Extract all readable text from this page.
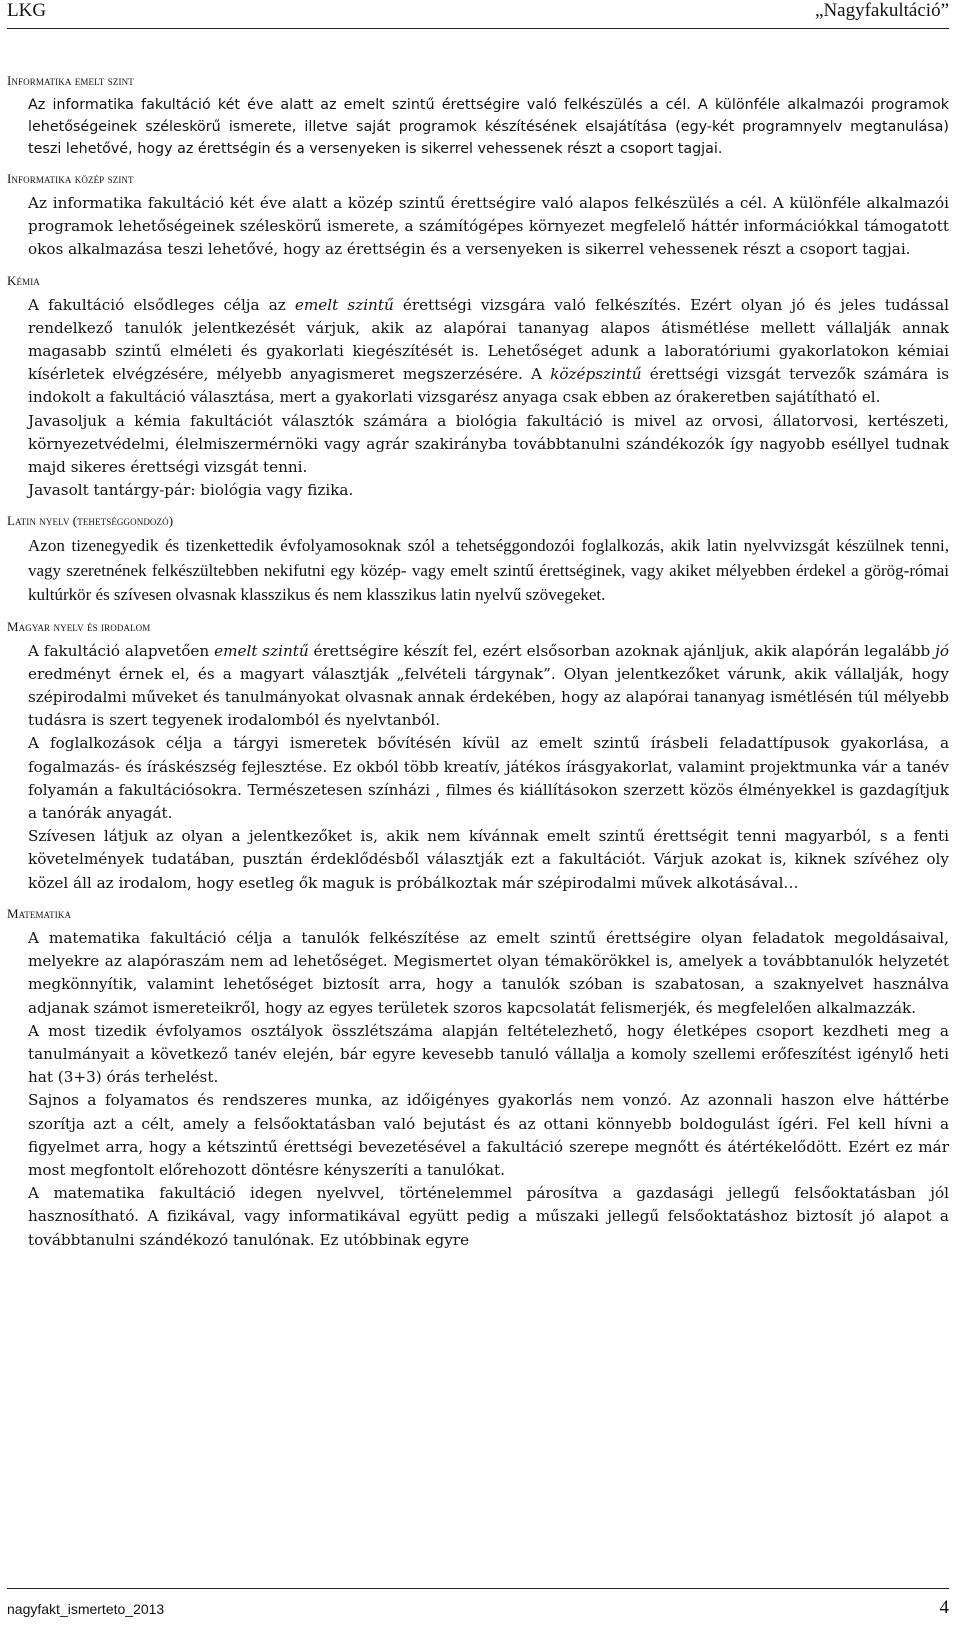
LKG	„Nagyfakultáció”
Informatika emelt szint

Az informatika fakultáció két éve alatt az emelt szintű érettségire való felkészülés a cél. A különféle alkalmazói programok lehetőségeinek széleskörű ismerete, illetve saját programok készítésének elsajátítása (egy-két programnyelv megtanulása) teszi lehetővé, hogy az érettségin és a versenyeken is sikerrel vehessenek részt a csoport tagjai.

Informatika közép szint

Az informatika fakultáció két éve alatt a közép szintű érettségire való alapos felkészülés a cél. A különféle alkalmazói programok lehetőségeinek széleskörű ismerete, a számítógépes környezet megfelelő háttér információkkal támogatott okos alkalmazása teszi lehetővé, hogy az érettségin és a versenyeken is sikerrel vehessenek részt a csoport tagjai.

Kémia

A fakultáció elsődleges célja az emelt szintű érettségi vizsgára való felkészítés. Ezért olyan jó és jeles tudással rendelkező tanulók jelentkezését várjuk, akik az alapórai tananyag alapos átismétlése mellett vállalják annak magasabb szintű elméleti és gyakorlati kiegészítését is. Lehetőséget adunk a laboratóriumi gyakorlatokon kémiai kísérletek elvégzésére, mélyebb anyagismeret megszerzésére. A középszintű érettségi vizsgát tervezők számára is indokolt a fakultáció választása, mert a gyakorlati vizsgarész anyaga csak ebben az órakeretben sajátítható el.

Javasoljuk a kémia fakultációt választók számára a biológia fakultáció is mivel az orvosi, állatorvosi, kertészeti, környezetvédelmi, élelmiszermérnöki vagy agrár szakirányba továbbtanulni szándékozók így nagyobb eséllyel tudnak majd sikeres érettségi vizsgát tenni.

Javasolt tantárgy-pár: biológia vagy fizika.

Latin nyelv (tehetséggondozó)

Azon tizenegyedik és tizenkettedik évfolyamosoknak szól a tehetséggondozói foglalkozás, akik latin nyelvvizsgát készülnek tenni, vagy szeretnének felkészültebben nekifutni egy közép- vagy emelt szintű érettséginek, vagy akiket mélyebben érdekel a görög-római kultúrkör és szívesen olvasnak klasszikus és nem klasszikus latin nyelvű szövegeket.

Magyar nyelv és irodalom

A fakultáció alapvetően emelt szintű érettségire készít fel, ezért elsősorban azoknak ajánljuk, akik alapórán legalább jó eredményt érnek el, és a magyart választják „felvételi tárgynak”. Olyan jelentkezőket várunk, akik vállalják, hogy szépirodalmi műveket és tanulmányokat olvasnak annak érdekében, hogy az alapórai tananyag ismétlésén túl mélyebb tudásra is szert tegyenek irodalomból és nyelvtanból.

A foglalkozások célja a tárgyi ismeretek bővítésén kívül az emelt szintű írásbeli feladattípusok gyakorlása, a fogalmazás- és íráskészség fejlesztése. Ez okból több kreatív, játékos írásgyakorlat, valamint projektmunka vár a tanév folyamán a fakultációsokra. Természetesen színházi , filmes és kiállításokon szerzett közös élményekkel is gazdagítjuk a tanórák anyagát.

Szívesen látjuk az olyan a jelentkezőket is, akik nem kívánnak emelt szintű érettségit tenni magyarból, s a fenti követelmények tudatában, pusztán érdeklődésből választják ezt a fakultációt. Várjuk azokat is, kiknek szívéhez oly közel áll az irodalom, hogy esetleg ők maguk is próbálkoztak már szépirodalmi művek alkotásával…

Matematika

A matematika fakultáció célja a tanulók felkészítése az emelt szintű érettségire olyan feladatok megoldásaival, melyekre az alapóraszám nem ad lehetőséget. Megismertet olyan témakörökkel is, amelyek a továbbtanulók helyzetét megkönnyítik, valamint lehetőséget biztosít arra, hogy a tanulók szóban is szabatosan, a szaknyelvet használva adjanak számot ismereteikről, hogy az egyes területek szoros kapcsolatát felismerjék, és megfelelően alkalmazzák.

A most tizedik évfolyamos osztályok összlétszáma alapján feltételezhető, hogy életképes csoport kezdheti meg a tanulmányait a következő tanév elején, bár egyre kevesebb tanuló vállalja a komoly szellemi erőfeszítést igénylő heti hat (3+3) órás terhelést.

Sajnos a folyamatos és rendszeres munka, az időigényes gyakorlás nem vonzó. Az azonnali haszon elve háttérbe szorítja azt a célt, amely a felsőoktatásban való bejutást és az ottani könnyebb boldogulást ígéri. Fel kell hívni a figyelmet arra, hogy a kétszintű érettségi bevezetésével a fakultáció szerepe megnőtt és átértékelődött. Ezért ez már most megfontolt előrehozott döntésre kényszeríti a tanulókat.

A matematika fakultáció idegen nyelvvel, történelemmel párosítva a gazdasági jellegű felsőoktatásban jól hasznosítható. A fizikával, vagy informatikával együtt pedig a műszaki jellegű felsőoktatáshoz biztosít jó alapot a továbbtanulni szándékozó tanulónak. Ez utóbbinak egyre

nagyfakt_ismerteto_2013	4
